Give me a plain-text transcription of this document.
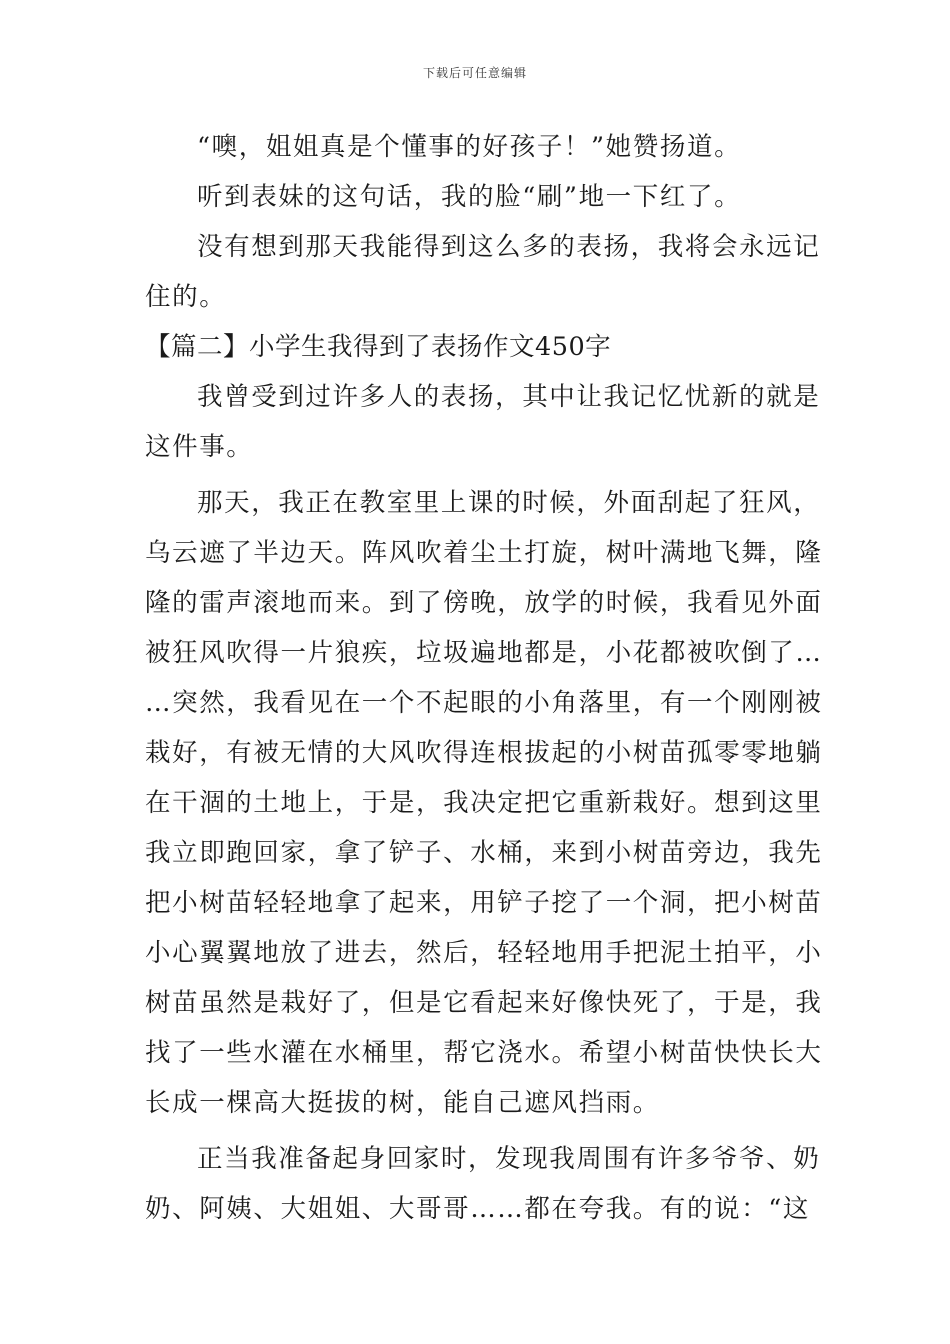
下载后可任意编辑
“噢，姐姐真是个懂事的好孩子！”她赞扬道。
听到表妹的这句话，我的脸“刷”地一下红了。
没有想到那天我能得到这么多的表扬，我将会永远记
住的。
【篇二】小学生我得到了表扬作文450字
我曾受到过许多人的表扬，其中让我记忆忧新的就是
这件事。
那天，我正在教室里上课的时候，外面刮起了狂风，
乌云遮了半边天。阵风吹着尘土打旋，树叶满地飞舞，隆
隆的雷声滚地而来。到了傍晚，放学的时候，我看见外面
被狂风吹得一片狼疾，垃圾遍地都是，小花都被吹倒了…
…突然，我看见在一个不起眼的小角落里，有一个刚刚被
栽好，有被无情的大风吹得连根拔起的小树苗孤零零地躺
在干涸的土地上，于是，我决定把它重新栽好。想到这里
我立即跑回家，拿了铲子、水桶，来到小树苗旁边，我先
把小树苗轻轻地拿了起来，用铲子挖了一个洞，把小树苗
小心翼翼地放了进去，然后，轻轻地用手把泥土拍平，小
树苗虽然是栽好了，但是它看起来好像快死了，于是，我
找了一些水灌在水桶里，帮它浇水。希望小树苗快快长大
长成一棵高大挺拔的树，能自己遮风挡雨。
正当我准备起身回家时，发现我周围有许多爷爷、奶
奶、阿姨、大姐姐、大哥哥……都在夸我。有的说：“这
